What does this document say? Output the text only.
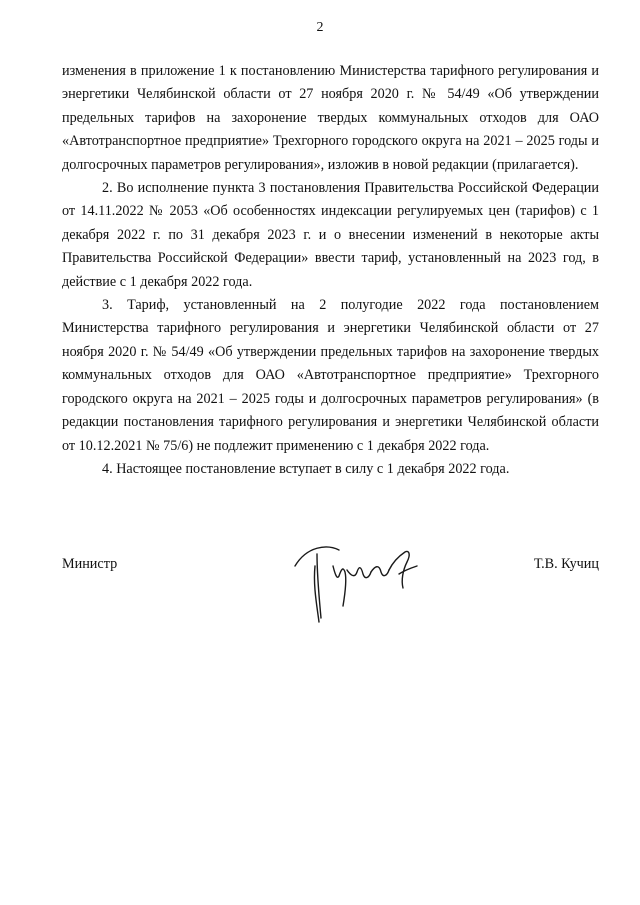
2

изменения в приложение 1 к постановлению Министерства тарифного регулирования и энергетики Челябинской области от 27 ноября 2020 г. № 54/49 «Об утверждении предельных тарифов на захоронение твердых коммунальных отходов для ОАО «Автотранспортное предприятие» Трехгорного городского округа на 2021 – 2025 годы и долгосрочных параметров регулирования», изложив в новой редакции (прилагается).

2. Во исполнение пункта 3 постановления Правительства Российской Федерации от 14.11.2022 № 2053 «Об особенностях индексации регулируемых цен (тарифов) с 1 декабря 2022 г. по 31 декабря 2023 г. и о внесении изменений в некоторые акты Правительства Российской Федерации» ввести тариф, установленный на 2023 год, в действие с 1 декабря 2022 года.

3. Тариф, установленный на 2 полугодие 2022 года постановлением Министерства тарифного регулирования и энергетики Челябинской области от 27 ноября 2020 г. № 54/49 «Об утверждении предельных тарифов на захоронение твердых коммунальных отходов для ОАО «Автотранспортное предприятие» Трехгорного городского округа на 2021 – 2025 годы и долгосрочных параметров регулирования» (в редакции постановления тарифного регулирования и энергетики Челябинской области от 10.12.2021 № 75/6) не подлежит применению с 1 декабря 2022 года.

4. Настоящее постановление вступает в силу с 1 декабря 2022 года.

Министр	Т.В. Кучиц
